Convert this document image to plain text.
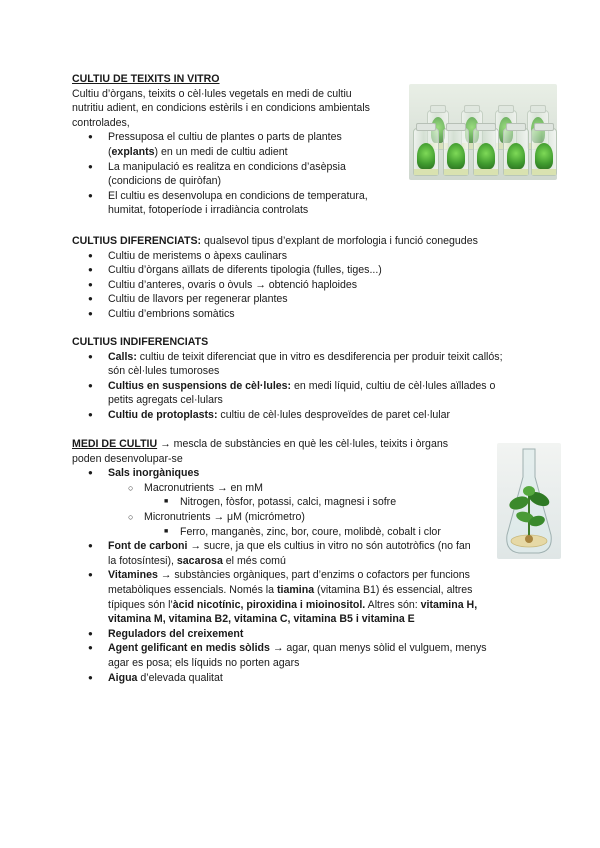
CULTIU DE TEIXITS IN VITRO

Cultiu d’òrgans, teixits o cèl·lules vegetals en medi de cultiu

nutritiu adient, en condicions estèrils i en condicions ambientals

controlades,

● Pressuposa el cultiu de plantes o parts de plantes
(explants) en un medi de cultiu adient
● La manipulació es realitza en condicions d’asèpsia
(condicions de quiròfan)
● El cultiu es desenvolupa en condicions de temperatura,
humitat, fotoperíode i irradiància controlats

CULTIUS DIFERENCIATS: qualsevol tipus d’explant de morfologia i funció conegudes

● Cultiu de meristems o àpexs caulinars
● Cultiu d’òrgans aïllats de diferents tipologia (fulles, tiges...)
● Cultiu d’anteres, ovaris o òvuls → obtenció haploides
● Cultiu de llavors per regenerar plantes
● Cultiu d’embrions somàtics

CULTIUS INDIFERENCIATS

● Calls: cultiu de teixit diferenciat que in vitro es desdiferencia per produir teixit callós;
són cèl·lules tumoroses
● Cultius en suspensions de cèl·lules: en medi líquid, cultiu de cèl·lules aïllades o
petits agregats cel·lulars
● Cultiu de protoplasts: cultiu de cèl·lules desproveïdes de paret cel·lular

MEDI DE CULTIU → mescla de substàncies en què les cèl·lules, teixits i òrgans

poden desenvolupar-se

● Sals inorgàniques
○ Macronutrients → en mM
■ Nitrogen, fòsfor, potassi, calci, magnesi i sofre
○ Micronutrients → μM (micrómetro)
■ Ferro, manganès, zinc, bor, coure, molibdè, cobalt i clor
● Font de carboni → sucre, ja que els cultius in vitro no són autotròfics (no fan
la fotosíntesi), sacarosa el més comú
● Vitamines → substàncies orgàniques, part d’enzims o cofactors per funcions
metabòliques essencials. Només la tiamina (vitamina B1) és essencial, altres
típiques són l’àcid nicotínic, piroxidina i mioinositol. Altres són: vitamina H,
vitamina M, vitamina B2, vitamina C, vitamina B5 i vitamina E
● Reguladors del creixement
● Agent gelificant en medis sòlids → agar, quan menys sòlid el vulguem, menys
agar es posa; els líquids no porten agars
● Aigua d’elevada qualitat
